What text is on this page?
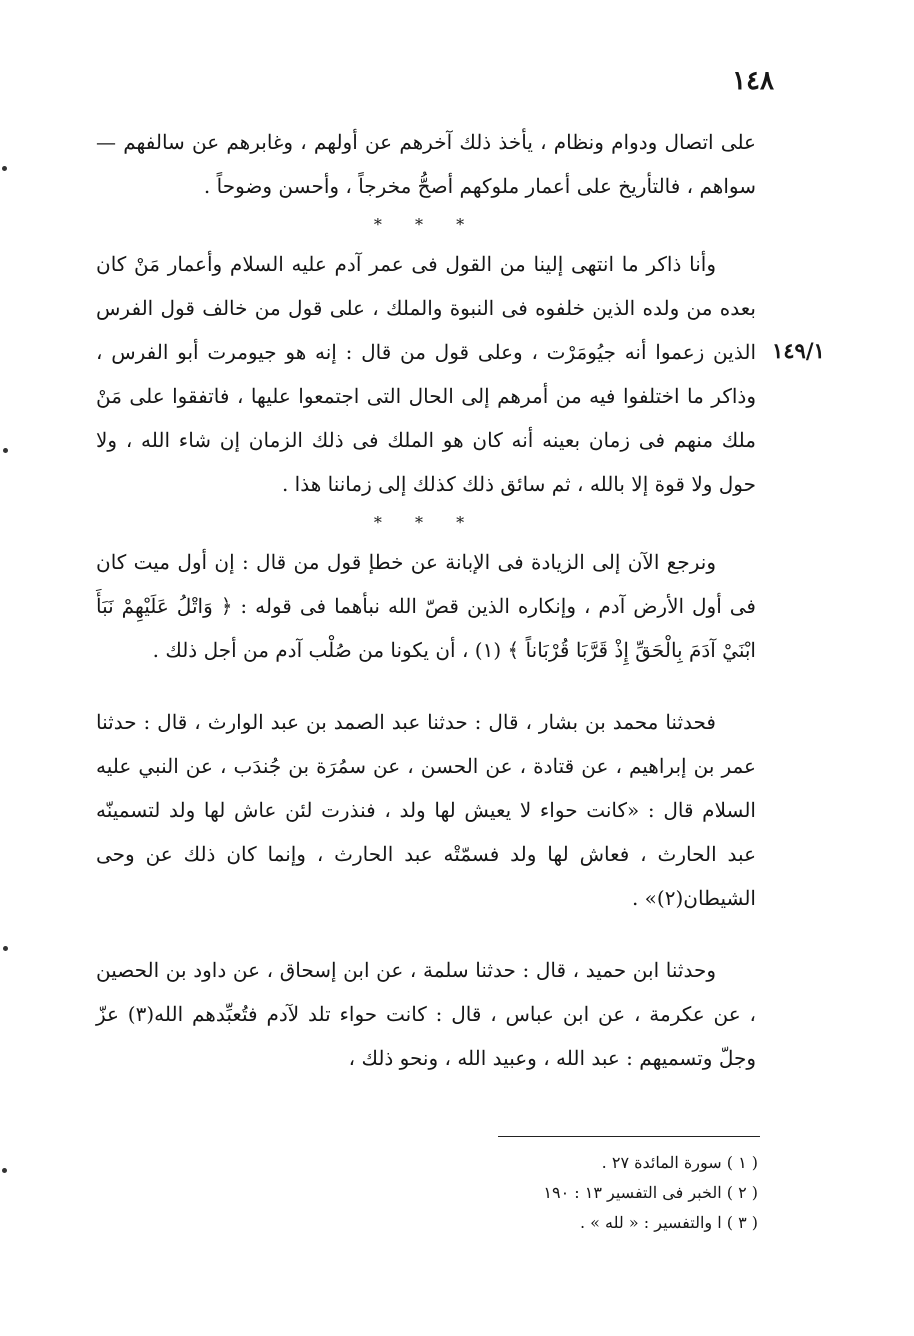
١٤٨
١٤٩/١

على اتصال ودوام ونظام ، يأخذ ذلك آخرهم عن أولهم ، وغابرهم عن سالفهم — سواهم ، فالتأريخ على أعمار ملوكهم أصحُّ مخرجاً ، وأحسن وضوحاً .

* * *

وأنا ذاكر ما انتهى إلينا من القول فى عمر آدم عليه السلام وأعمار مَنْ كان بعده من ولده الذين خلفوه فى النبوة والملك ، على قول من خالف قول الفرس الذين زعموا أنه جيُومَرْت ، وعلى قول من قال : إنه هو جيومرت أبو الفرس ، وذاكر ما اختلفوا فيه من أمرهم إلى الحال التى اجتمعوا عليها ، فاتفقوا على مَنْ ملك منهم فى زمان بعينه أنه كان هو الملك فى ذلك الزمان إن شاء الله ، ولا حول ولا قوة إلا بالله ، ثم سائق ذلك كذلك إلى زماننا هذا .

* * *

ونرجع الآن إلى الزيادة فى الإبانة عن خطإ قول من قال : إن أول ميت كان فى أول الأرض آدم ، وإنكاره الذين قصّ الله نبأهما فى قوله : ﴿ وَاتْلُ عَلَيْهِمْ نَبَأَ ابْنَيْ آدَمَ بِالْحَقِّ إِذْ قَرَّبَا قُرْبَاناً ﴾ (١) ، أن يكونا من صُلْب آدم من أجل ذلك .

فحدثنا محمد بن بشار ، قال : حدثنا عبد الصمد بن عبد الوارث ، قال : حدثنا عمر بن إبراهيم ، عن قتادة ، عن الحسن ، عن سمُرَة بن جُندَب ، عن النبي عليه السلام قال : «كانت حواء لا يعيش لها ولد ، فنذرت لئن عاش لها ولد لتسمينّه عبد الحارث ، فعاش لها ولد فسمّتْه عبد الحارث ، وإنما كان ذلك عن وحى الشيطان(٢)» .

وحدثنا ابن حميد ، قال : حدثنا سلمة ، عن ابن إسحاق ، عن داود بن الحصين ، عن عكرمة ، عن ابن عباس ، قال : كانت حواء تلد لآدم فتُعبِّدهم الله(٣) عزّ وجلّ وتسميهم : عبد الله ، وعبيد الله ، ونحو ذلك ،

( ١ ) سورة المائدة ٢٧ .

( ٢ ) الخبر فى التفسير ١٣ : ١٩٠

( ٣ ) ا والتفسير : « لله » .
